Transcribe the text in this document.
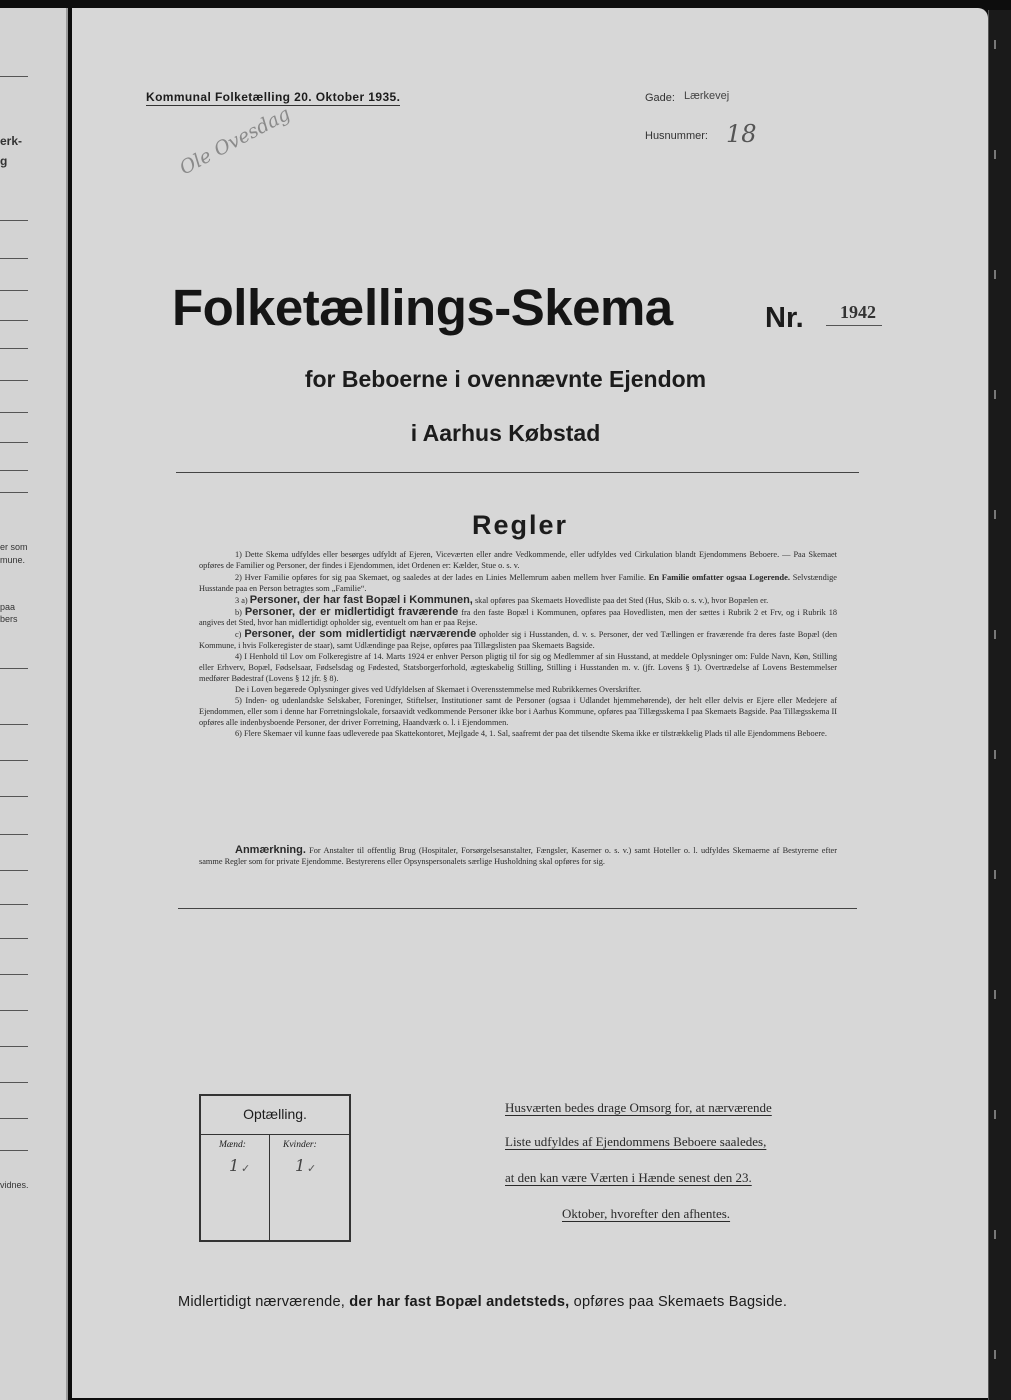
erk-
g
er som
mune.
paa
bers
vidnes.
Kommunal Folketælling 20. Oktober 1935.	Gade: Lærkevej
Husnummer: 18
Ole Ovesdag
Folketællings-Skema	Nr. 1942
for Beboerne i ovennævnte Ejendom
i Aarhus Købstad
Regler

1) Dette Skema udfyldes eller besørges udfyldt af Ejeren, Viceværten eller andre Vedkommende, eller udfyldes ved Cirkulation blandt Ejendommens Beboere. — Paa Skemaet opføres de Familier og Personer, der findes i Ejendommen, idet Ordenen er: Kælder, Stue o. s. v.

2) Hver Familie opføres for sig paa Skemaet, og saaledes at der lades en Linies Mellemrum aaben mellem hver Familie. En Familie omfatter ogsaa Logerende. Selvstændige Husstande paa en Person betragtes som „Familie“.

3 a) Personer, der har fast Bopæl i Kommunen, skal opføres paa Skemaets Hovedliste paa det Sted (Hus, Skib o. s. v.), hvor Bopælen er.

b) Personer, der er midlertidigt fraværende fra den faste Bopæl i Kommunen, opføres paa Hovedlisten, men der sættes i Rubrik 2 et Frv, og i Rubrik 18 angives det Sted, hvor han midlertidigt opholder sig, eventuelt om han er paa Rejse.

c) Personer, der som midlertidigt nærværende opholder sig i Husstanden, d. v. s. Personer, der ved Tællingen er fraværende fra deres faste Bopæl (den Kommune, i hvis Folkeregister de staar), samt Udlændinge paa Rejse, opføres paa Tillægslisten paa Skemaets Bagside.

4) I Henhold til Lov om Folkeregistre af 14. Marts 1924 er enhver Person pligtig til for sig og Medlemmer af sin Husstand, at meddele Oplysninger om: Fulde Navn, Køn, Stilling eller Erhverv, Bopæl, Fødselsaar, Fødselsdag og Fødested, Statsborgerforhold, ægteskabelig Stilling, Stilling i Husstanden m. v. (jfr. Lovens § 1). Overtrædelse af Lovens Bestemmelser medfører Bødestraf (Lovens § 12 jfr. § 8).

De i Loven begærede Oplysninger gives ved Udfyldelsen af Skemaet i Overensstemmelse med Rubrikkernes Overskrifter.

5) Inden- og udenlandske Selskaber, Foreninger, Stiftelser, Institutioner samt de Personer (ogsaa i Udlandet hjemmehørende), der helt eller delvis er Ejere eller Medejere af Ejendommen, eller som i denne har Forretningslokale, forsaavidt vedkommende Personer ikke bor i Aarhus Kommune, opføres paa Tillægsskema I paa Skemaets Bagside. Paa Tillægsskema II opføres alle indenbysboende Personer, der driver Forretning, Haandværk o. l. i Ejendommen.

6) Flere Skemaer vil kunne faas udleverede paa Skattekontoret, Mejlgade 4, 1. Sal, saafremt der paa det tilsendte Skema ikke er tilstrækkelig Plads til alle Ejendommens Beboere.

Anmærkning. For Anstalter til offentlig Brug (Hospitaler, Forsørgelsesanstalter, Fængsler, Kaserner o. s. v.) samt Hoteller o. l. udfyldes Skemaerne af Bestyrerne efter samme Regler som for private Ejendomme. Bestyrerens eller Opsynspersonalets særlige Husholdning skal opføres for sig.
Optælling.
Mænd:	Kvinder:
1 ✓	1 ✓
Husværten bedes drage Omsorg for, at nærværende
Liste udfyldes af Ejendommens Beboere saaledes,
at den kan være Værten i Hænde senest den 23.
Oktober, hvorefter den afhentes.
Midlertidigt nærværende, der har fast Bopæl andetsteds, opføres paa Skemaets Bagside.
